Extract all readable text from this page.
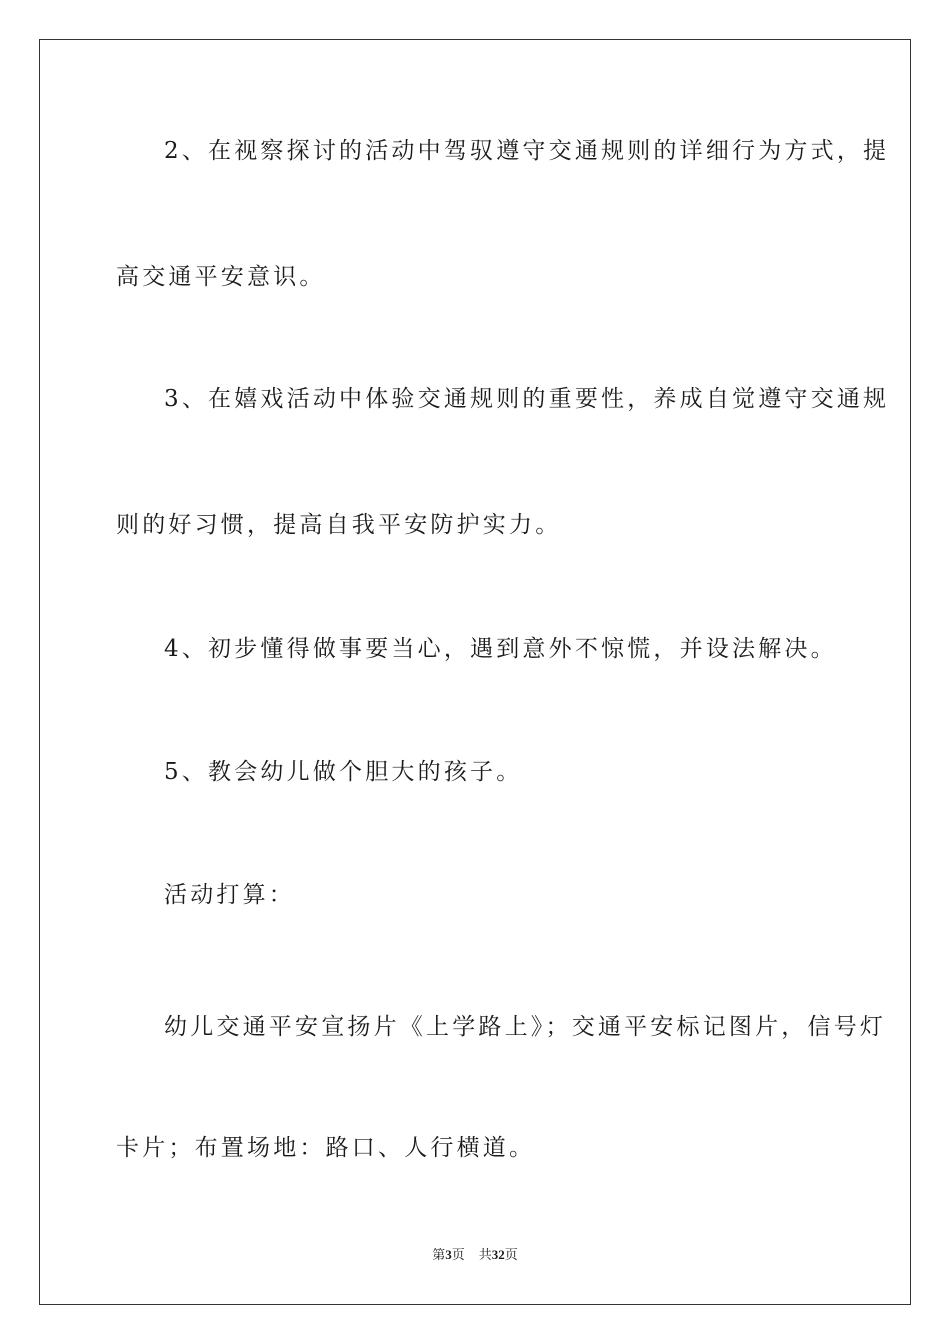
2、在视察探讨的活动中驾驭遵守交通规则的详细行为方式，提
高交通平安意识。
3、在嬉戏活动中体验交通规则的重要性，养成自觉遵守交通规
则的好习惯，提高自我平安防护实力。
4、初步懂得做事要当心，遇到意外不惊慌，并设法解决。
5、教会幼儿做个胆大的孩子。
活动打算：
幼儿交通平安宣扬片《上学路上》；交通平安标记图片，信号灯
卡片；布置场地：路口、人行横道。
第3页 共32页
